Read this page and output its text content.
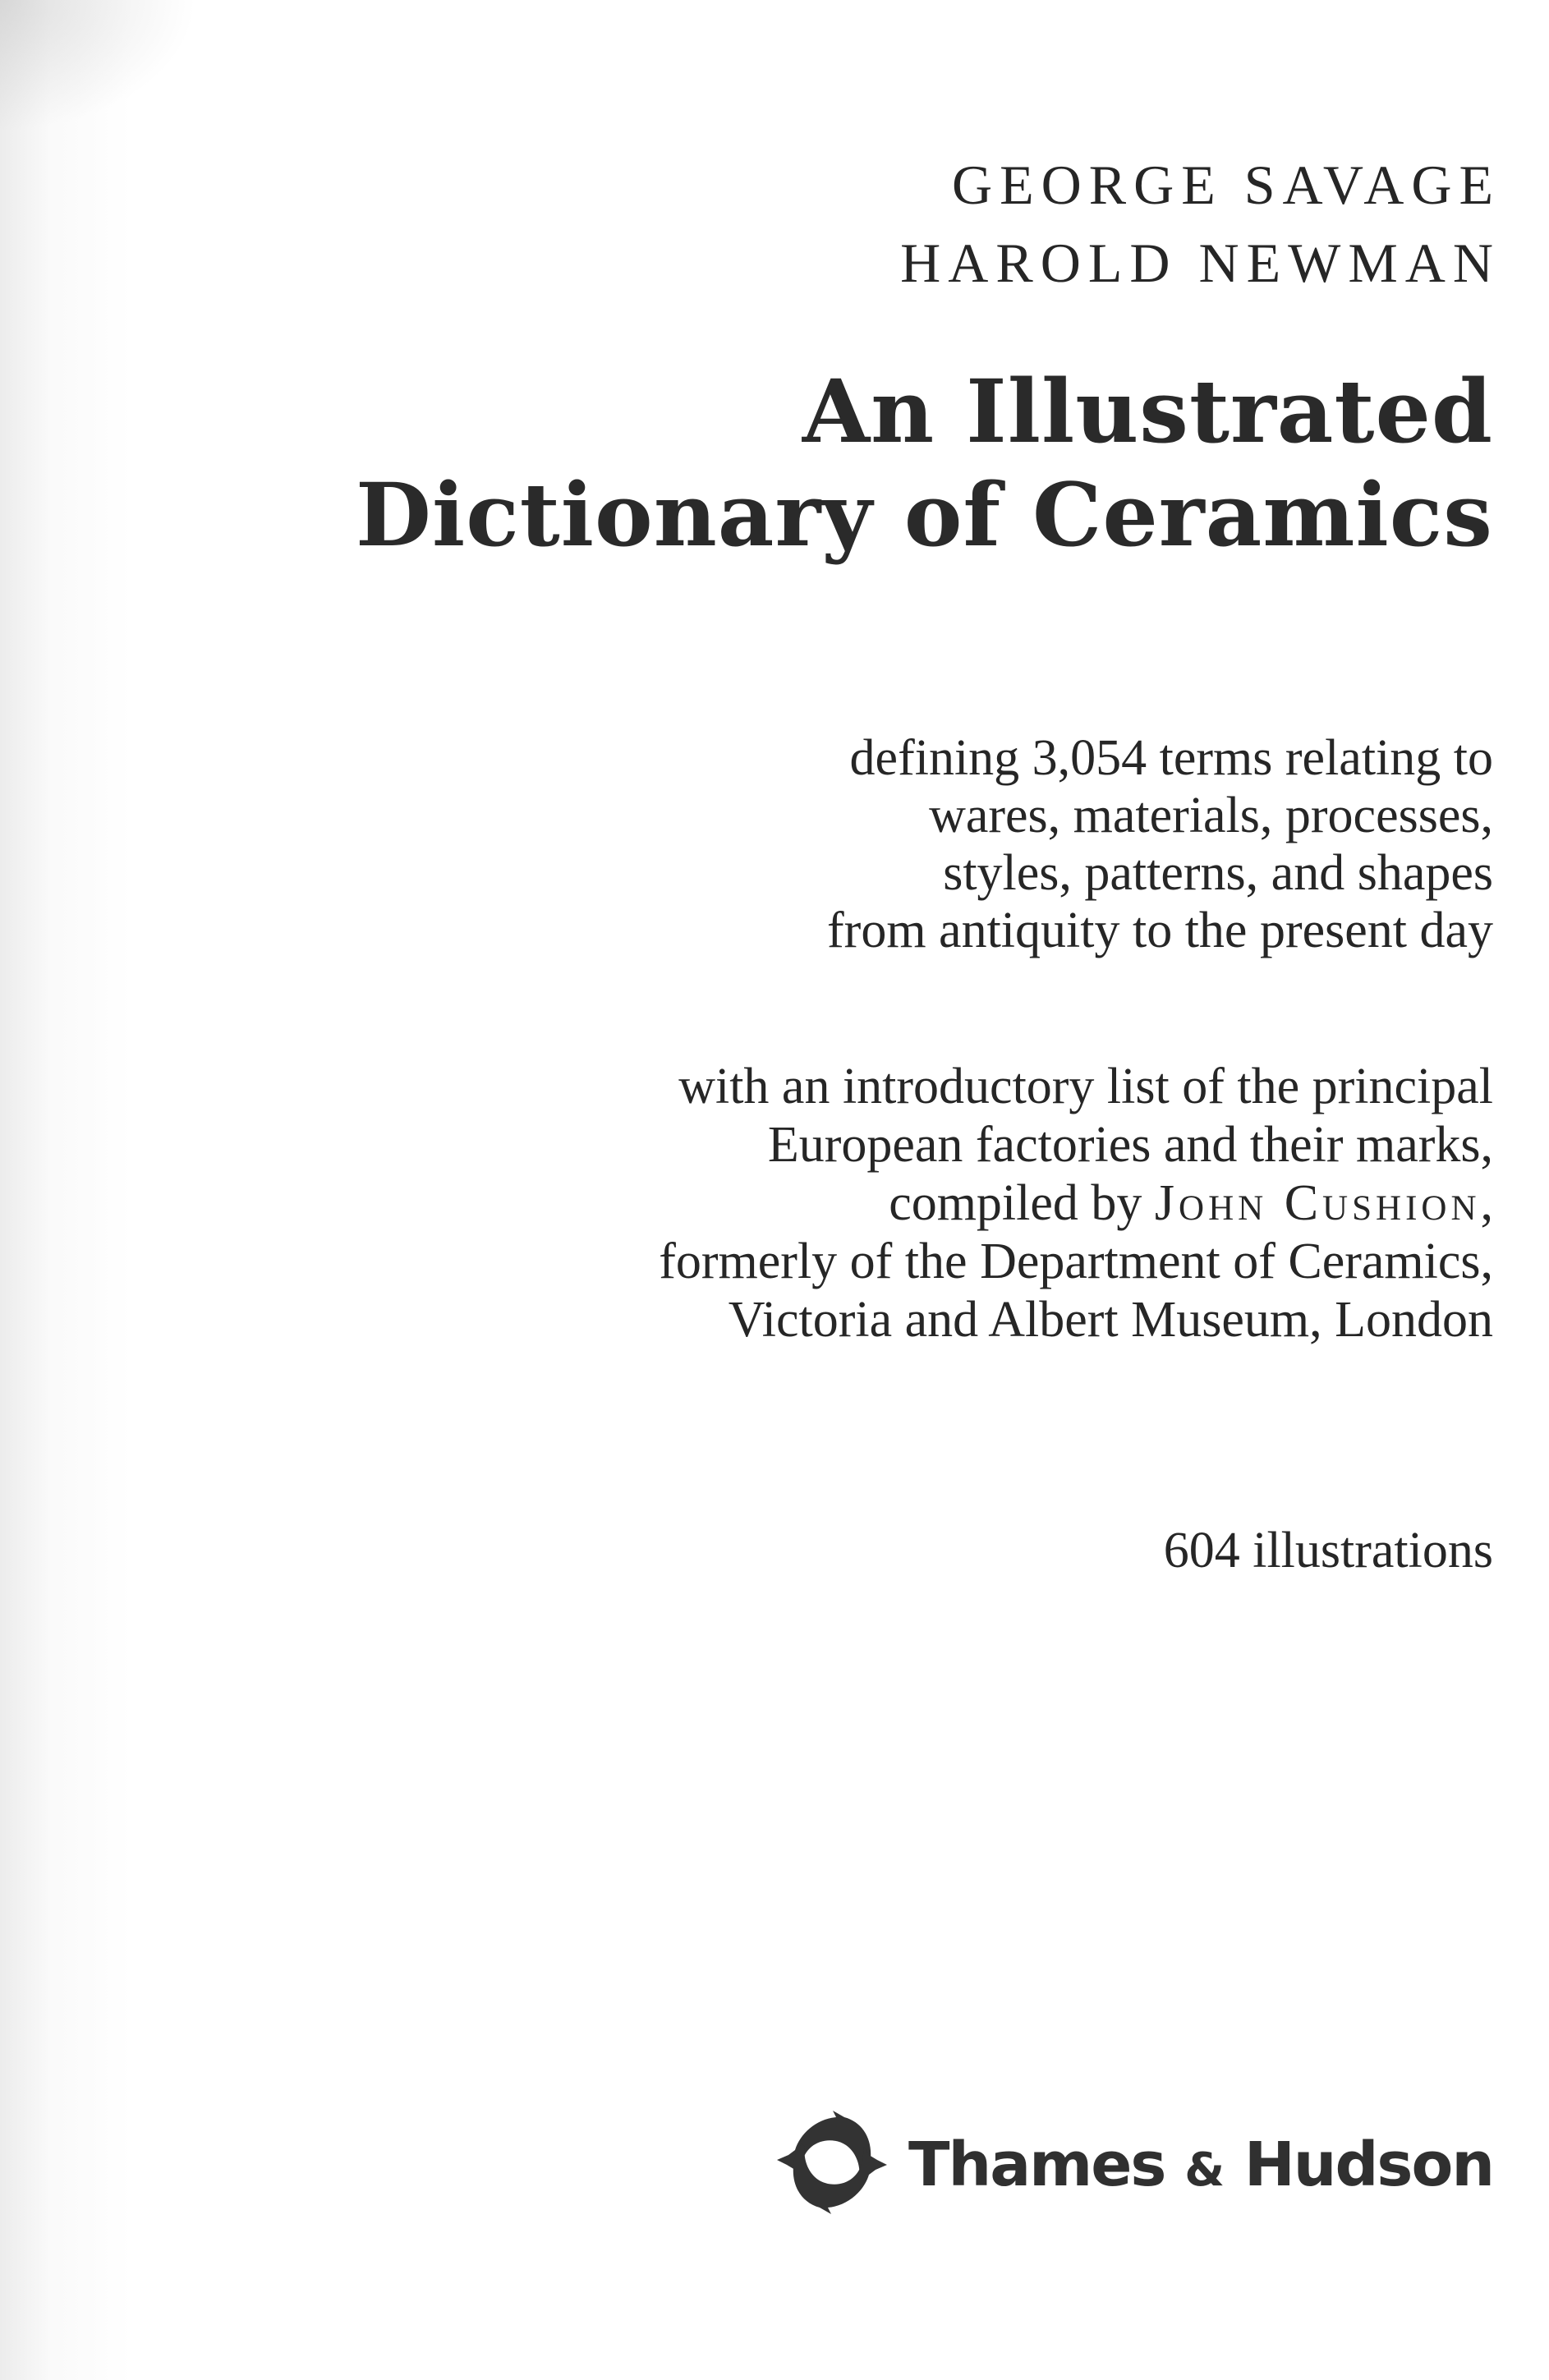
GEORGE SAVAGE
HAROLD NEWMAN
An Illustrated
Dictionary of Ceramics
defining 3,054 terms relating to
wares, materials, processes,
styles, patterns, and shapes
from antiquity to the present day
with an introductory list of the principal
European factories and their marks,
compiled by John Cushion,
formerly of the Department of Ceramics,
Victoria and Albert Museum, London
604 illustrations
Thames & Hudson
